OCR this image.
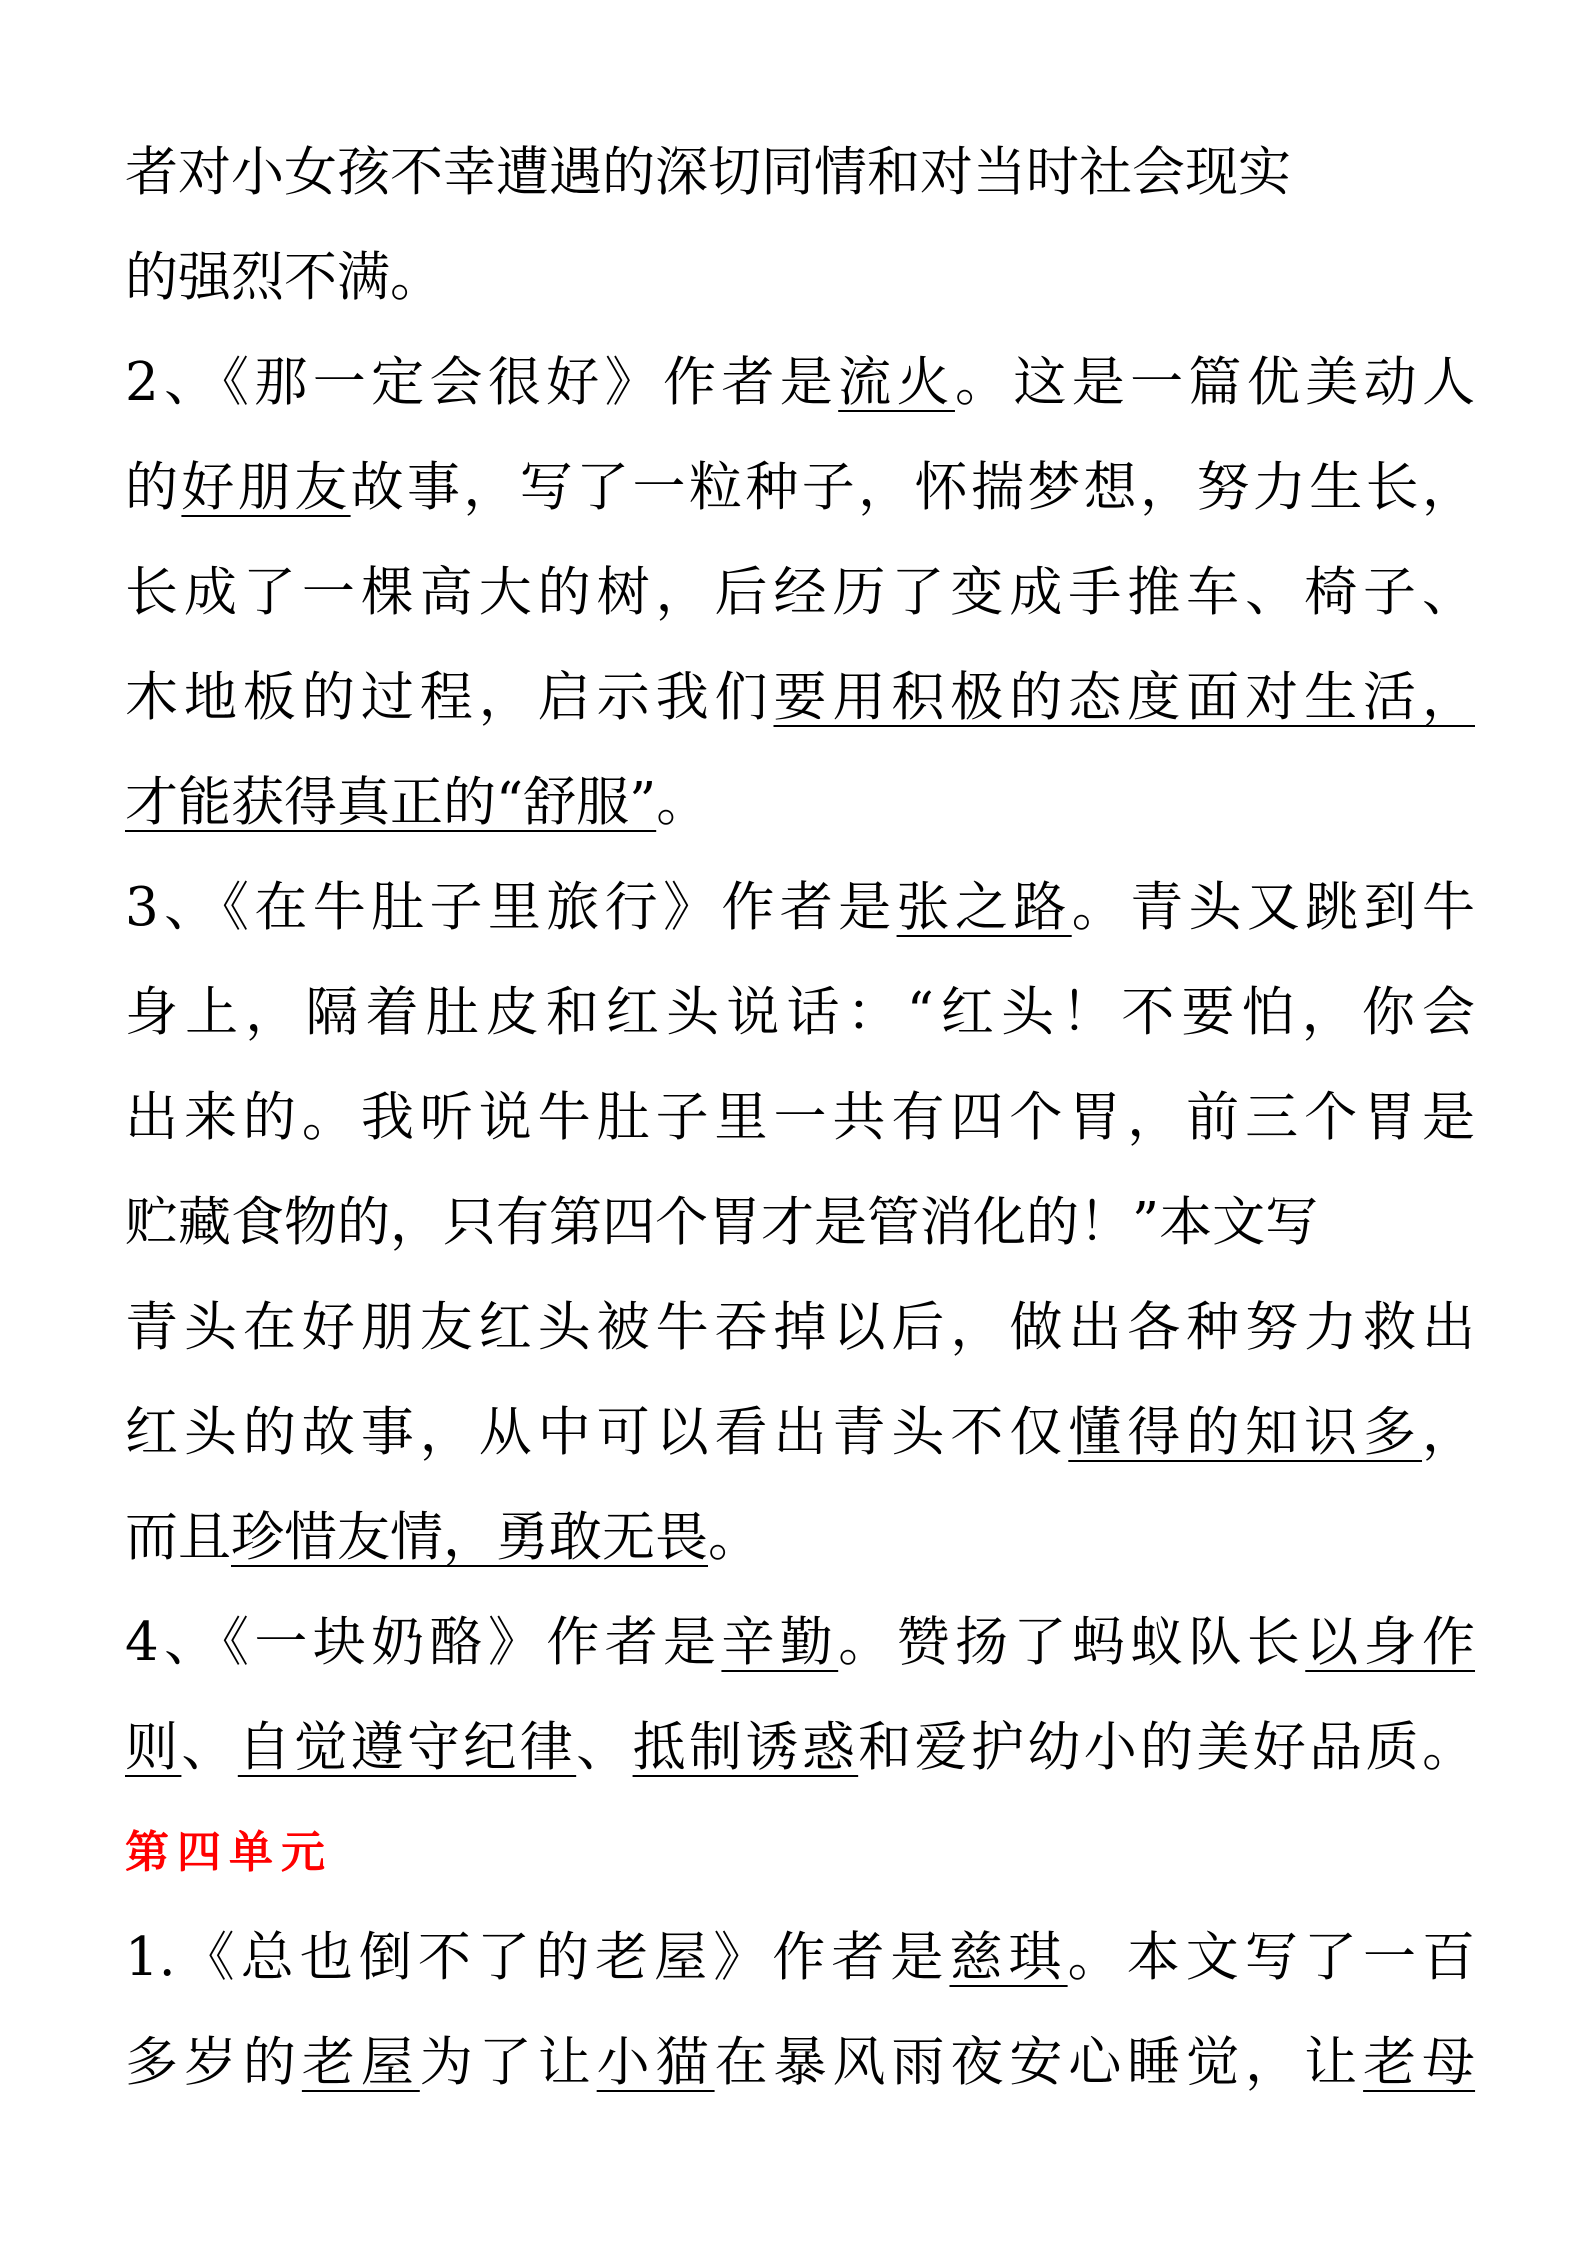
者对小女孩不幸遭遇的深切同情和对当时社会现实
的强烈不满。
2、《那一定会很好》作者是流火。这是一篇优美动人
的好朋友故事，写了一粒种子，怀揣梦想，努力生长，
长成了一棵高大的树，后经历了变成手推车、椅子、
木地板的过程，启示我们要用积极的态度面对生活，
才能获得真正的“舒服”。
3、《在牛肚子里旅行》作者是张之路。青头又跳到牛
身上，隔着肚皮和红头说话：“红头！不要怕，你会
出来的。我听说牛肚子里一共有四个胃，前三个胃是
贮藏食物的，只有第四个胃才是管消化的！”本文写
青头在好朋友红头被牛吞掉以后，做出各种努力救出
红头的故事，从中可以看出青头不仅懂得的知识多，
而且珍惜友情，勇敢无畏。
4、《一块奶酪》作者是辛勤。赞扬了蚂蚁队长以身作
则、自觉遵守纪律、抵制诱惑和爱护幼小的美好品质。
第四单元
1.《总也倒不了的老屋》作者是慈琪。本文写了一百
多岁的老屋为了让小猫在暴风雨夜安心睡觉，让老母
